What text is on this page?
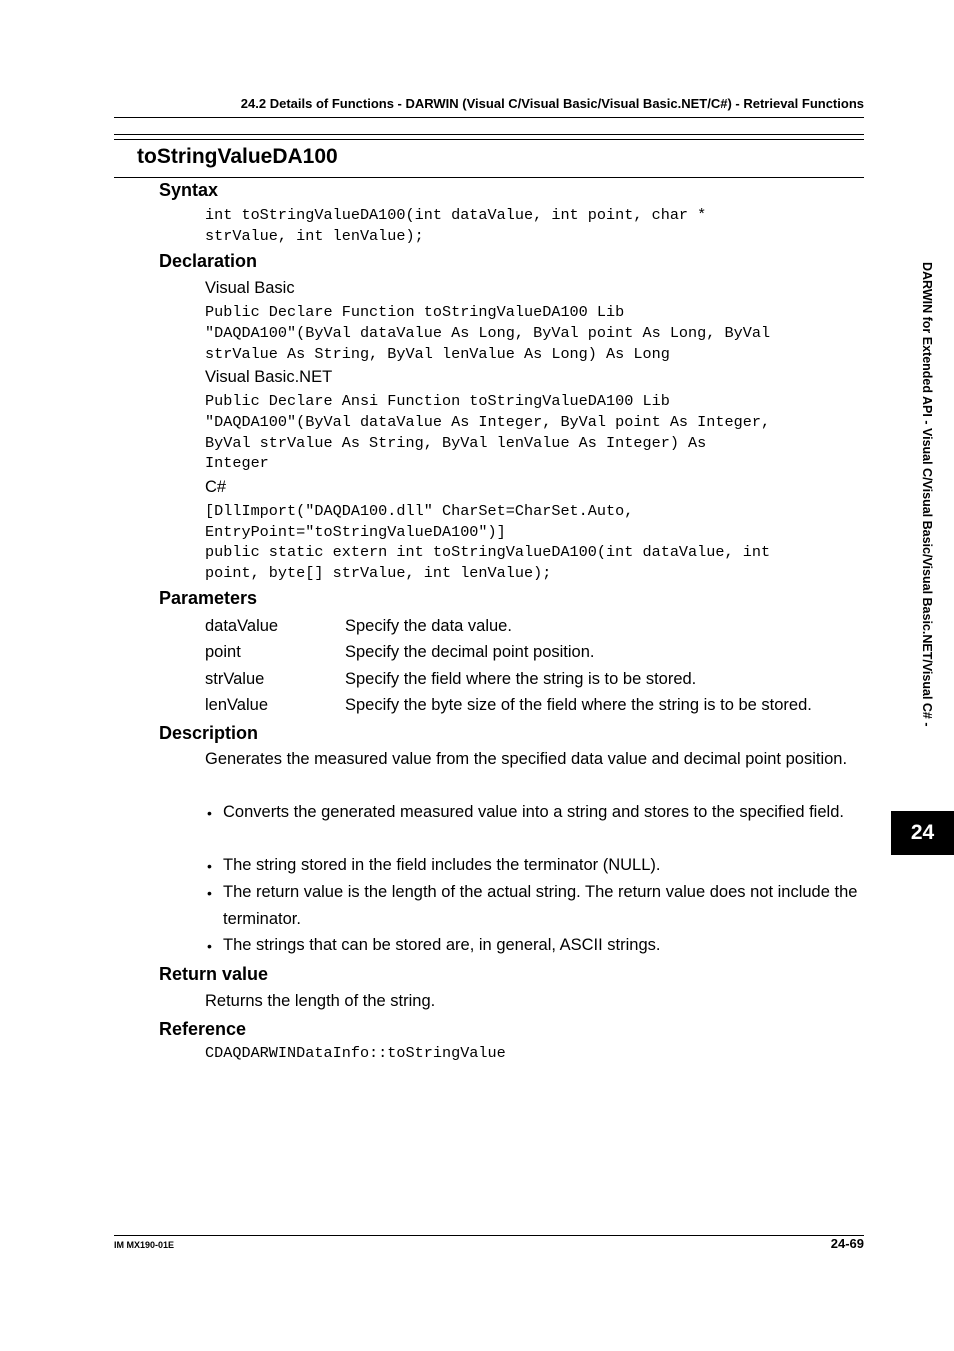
24.2 Details of Functions - DARWIN (Visual C/Visual Basic/Visual Basic.NET/C#) - Retrieval Functions
toStringValueDA100
Syntax
int toStringValueDA100(int dataValue, int point, char *
strValue, int lenValue);
Declaration
Visual Basic
Public Declare Function toStringValueDA100 Lib
"DAQDA100"(ByVal dataValue As Long, ByVal point As Long, ByVal
strValue As String, ByVal lenValue As Long) As Long
Visual Basic.NET
Public Declare Ansi Function toStringValueDA100 Lib
"DAQDA100"(ByVal dataValue As Integer, ByVal point As Integer,
ByVal strValue As String, ByVal lenValue As Integer) As
Integer
C#
[DllImport("DAQDA100.dll" CharSet=CharSet.Auto,
EntryPoint="toStringValueDA100")]
public static extern int toStringValueDA100(int dataValue, int
point, byte[] strValue, int lenValue);
Parameters
dataValue	Specify the data value.
point	Specify the decimal point position.
strValue	Specify the field where the string is to be stored.
lenValue	Specify the byte size of the field where the string is to be stored.
Description
Generates the measured value from the specified data value and decimal point position.
• Converts the generated measured value into a string and stores to the specified field.
• The string stored in the field includes the terminator (NULL).
• The return value is the length of the actual string. The return value does not include the terminator.
• The strings that can be stored are, in general, ASCII strings.
Return value
Returns the length of the string.
Reference
CDAQDARWINDataInfo::toStringValue
DARWIN for Extended API - Visual C/Visual Basic/Visual Basic.NET/Visual C# -
24
IM MX190-01E	24-69
